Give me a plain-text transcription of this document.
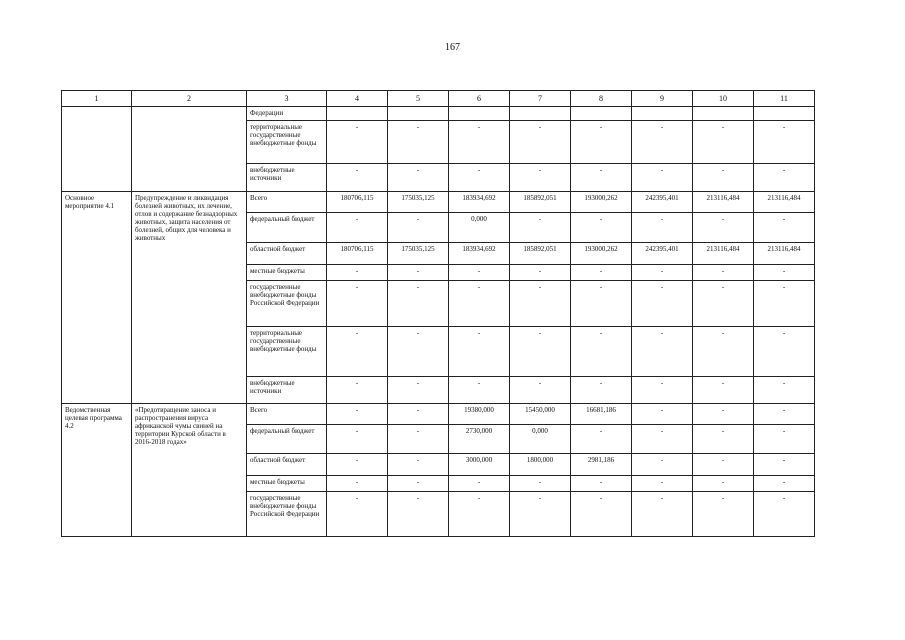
167
1	2	3	4	5	6	7	8	9	10	11
		Федерации								
		территориальные государственные внебюджетные фонды	-	-	-	-	-	-	-	-
		внебюджетные источники	-	-	-	-	-	-	-	-
Основное мероприятие 4.1	Предупреждение и ликвидация болезней животных, их лечение, отлов и содержание безнадзорных животных, защита населения от болезней, общих для человека и животных	Всего	180706,115	175035,125	183934,692	185892,051	193000,262	242395,401	213116,484	213116,484
		федеральный бюджет	-	-	0,000	-	-	-	-	-
		областной бюджет	180706,115	175035,125	183934,692	185892,051	193000,262	242395,401	213116,484	213116,484
		местные бюджеты	-	-	-	-	-	-	-	-
		государственные внебюджетные фонды Российской Федерации	-	-	-	-	-	-	-	-
		территориальные государственные внебюджетные фонды	-	-	-	-	-	-	-	-
		внебюджетные источники	-	-	-	-	-	-	-	-
Ведомственная целевая программа 4.2	«Предотвращение заноса и распространения вируса африканской чумы свиней на территории Курской области в 2016-2018 годах»	Всего	-	-	19380,000	15450,000	16681,186	-	-	-
		федеральный бюджет	-	-	2730,000	0,000	-	-	-	-
		областной бюджет	-	-	3000,000	1800,000	2981,186	-	-	-
		местные бюджеты	-	-	-	-	-	-	-	-
		государственные внебюджетные фонды Российской Федерации	-	-	-	-	-	-	-	-
